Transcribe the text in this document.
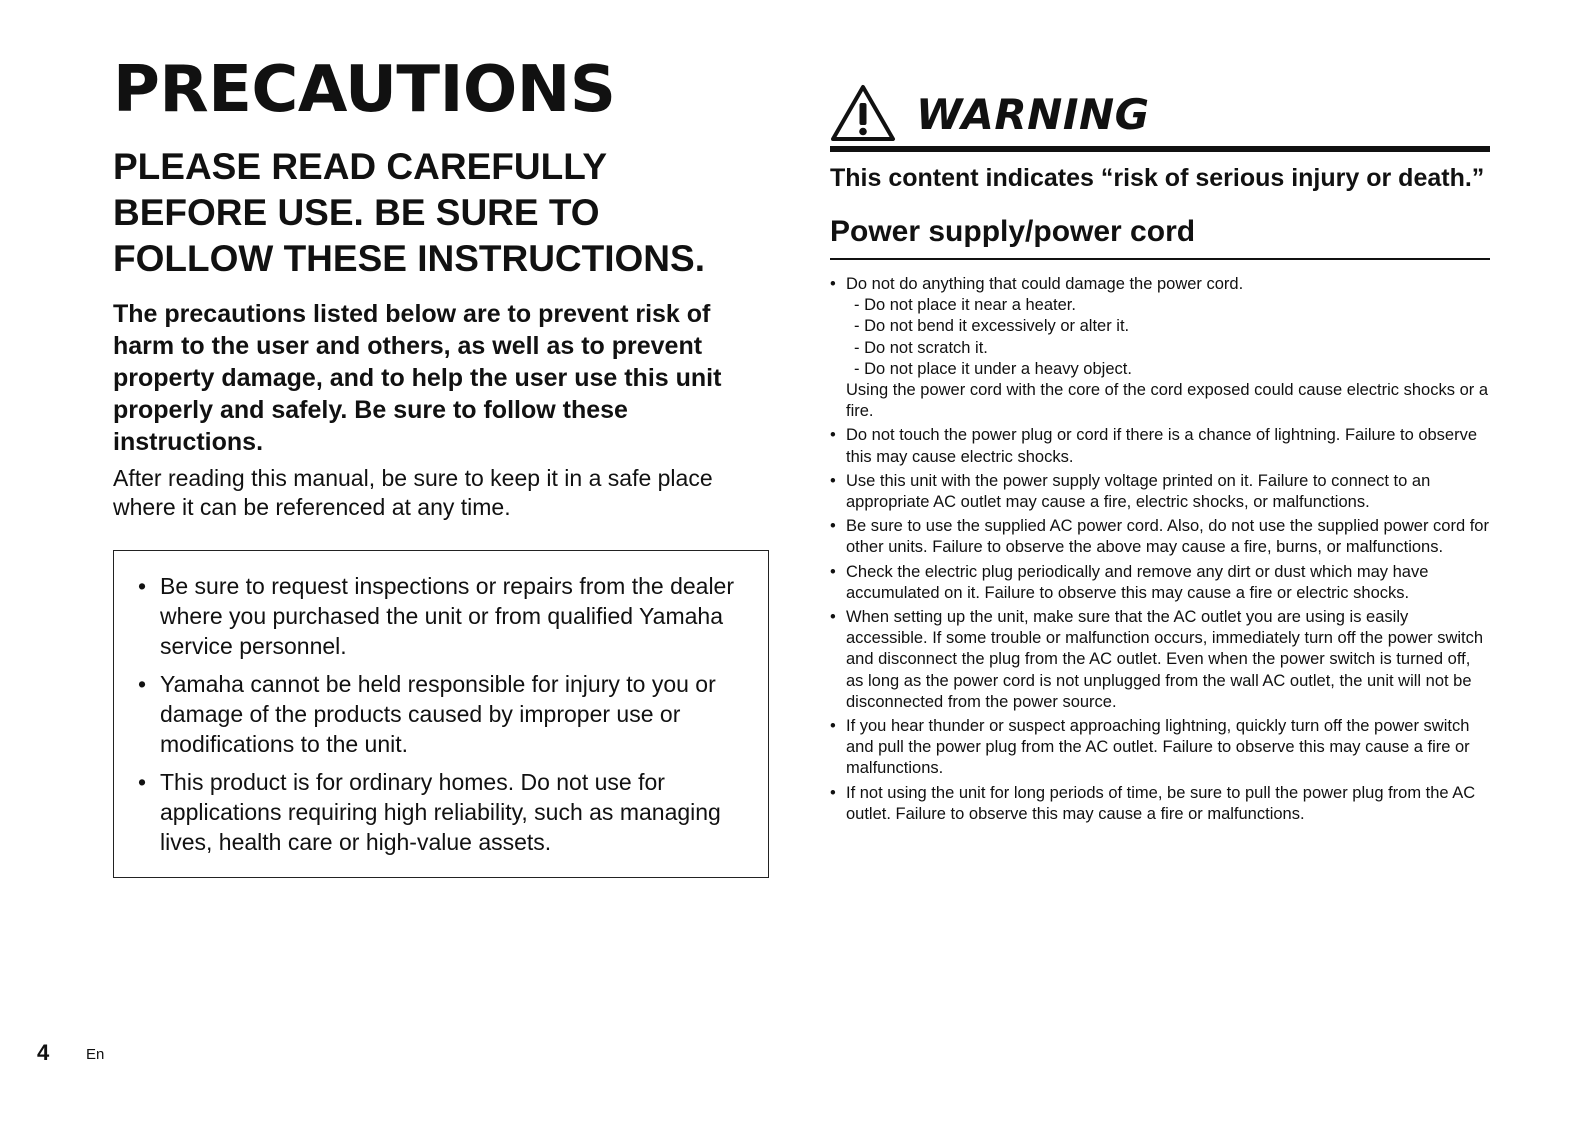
PRECAUTIONS
PLEASE READ CAREFULLY
BEFORE USE. BE SURE TO
FOLLOW THESE INSTRUCTIONS.

The precautions listed below are to prevent risk of harm to the user and others, as well as to prevent property damage, and to help the user use this unit properly and safely. Be sure to follow these instructions.

After reading this manual, be sure to keep it in a safe place where it can be referenced at any time.

• Be sure to request inspections or repairs from the dealer where you purchased the unit or from qualified Yamaha service personnel.
• Yamaha cannot be held responsible for injury to you or damage of the products caused by improper use or modifications to the unit.
• This product is for ordinary homes. Do not use for applications requiring high reliability, such as managing lives, health care or high-value assets.
WARNING

This content indicates “risk of serious injury or death.”

Power supply/power cord
• Do not do anything that could damage the power cord.
- Do not place it near a heater.
- Do not bend it excessively or alter it.
- Do not scratch it.
- Do not place it under a heavy object.
Using the power cord with the core of the cord exposed could cause electric shocks or a fire.
• Do not touch the power plug or cord if there is a chance of lightning. Failure to observe this may cause electric shocks.
• Use this unit with the power supply voltage printed on it. Failure to connect to an appropriate AC outlet may cause a fire, electric shocks, or malfunctions.
• Be sure to use the supplied AC power cord. Also, do not use the supplied power cord for other units. Failure to observe the above may cause a fire, burns, or malfunctions.
• Check the electric plug periodically and remove any dirt or dust which may have accumulated on it. Failure to observe this may cause a fire or electric shocks.
• When setting up the unit, make sure that the AC outlet you are using is easily accessible. If some trouble or malfunction occurs, immediately turn off the power switch and disconnect the plug from the AC outlet. Even when the power switch is turned off, as long as the power cord is not unplugged from the wall AC outlet, the unit will not be disconnected from the power source.
• If you hear thunder or suspect approaching lightning, quickly turn off the power switch and pull the power plug from the AC outlet. Failure to observe this may cause a fire or malfunctions.
• If not using the unit for long periods of time, be sure to pull the power plug from the AC outlet. Failure to observe this may cause a fire or malfunctions.
4 En
